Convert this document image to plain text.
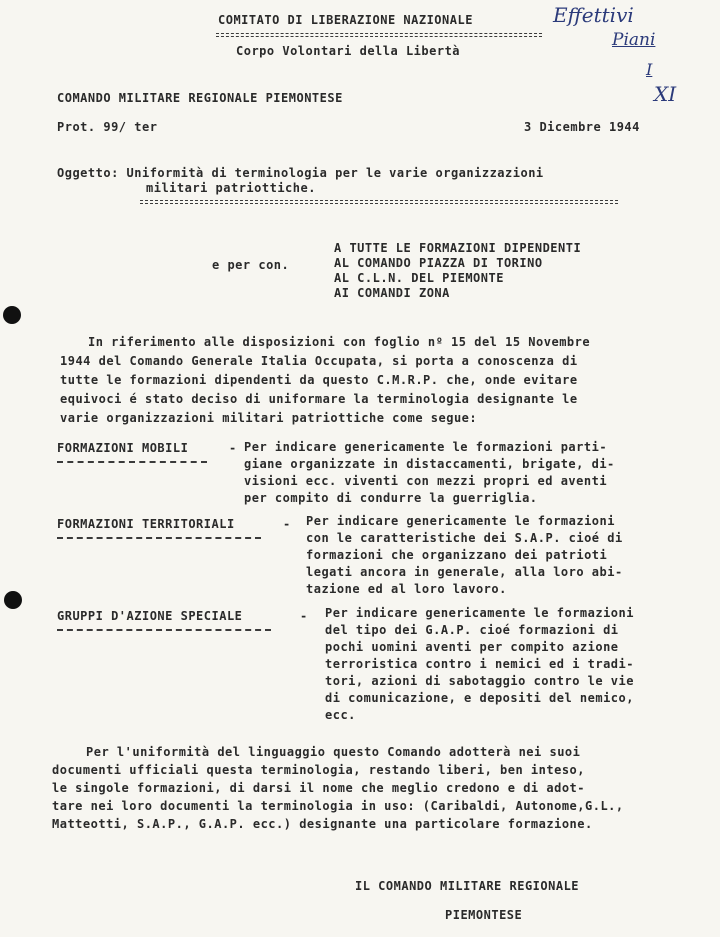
COMITATO DI LIBERAZIONE NAZIONALE
Corpo Volontari della Libertà
Effettivi
Piani
I
XI
COMANDO MILITARE REGIONALE PIEMONTESE
Prot. 99/ ter	3 Dicembre 1944
Oggetto: Uniformità di terminologia per le varie organizzazioni
militari patriottiche.
e per con.
A TUTTE LE FORMAZIONI DIPENDENTI
AL COMANDO PIAZZA DI TORINO
AL C.L.N. DEL PIEMONTE
AI COMANDI ZONA
In riferimento alle disposizioni con foglio nº 15 del 15 Novembre
1944 del Comando Generale Italia Occupata, si porta a conoscenza di
tutte le formazioni dipendenti da questo C.M.R.P. che, onde evitare
equivoci é stato deciso di uniformare la terminologia designante le
varie organizzazioni militari patriottiche come segue:
FORMAZIONI MOBILI	- Per indicare genericamente le formazioni parti-
giane organizzate in distaccamenti, brigate, di-
visioni ecc. viventi con mezzi propri ed aventi
per compito di condurre la guerriglia.
FORMAZIONI TERRITORIALI	- Per indicare genericamente le formazioni
con le caratteristiche dei S.A.P. cioé di
formazioni che organizzano dei patrioti
legati ancora in generale, alla loro abi-
tazione ed al loro lavoro.
GRUPPI D'AZIONE SPECIALE	- Per indicare genericamente le formazioni
del tipo dei G.A.P. cioé formazioni di
pochi uomini aventi per compito azione
terroristica contro i nemici ed i tradi-
tori, azioni di sabotaggio contro le vie
di comunicazione, e depositi del nemico,
ecc.
Per l'uniformità del linguaggio questo Comando adotterà nei suoi
documenti ufficiali questa terminologia, restando liberi, ben inteso,
le singole formazioni, di darsi il nome che meglio credono e di adot-
tare nei loro documenti la terminologia in uso: (Caribaldi, Autonome,G.L.,
Matteotti, S.A.P., G.A.P. ecc.) designante una particolare formazione.
IL COMANDO MILITARE REGIONALE
PIEMONTESE
